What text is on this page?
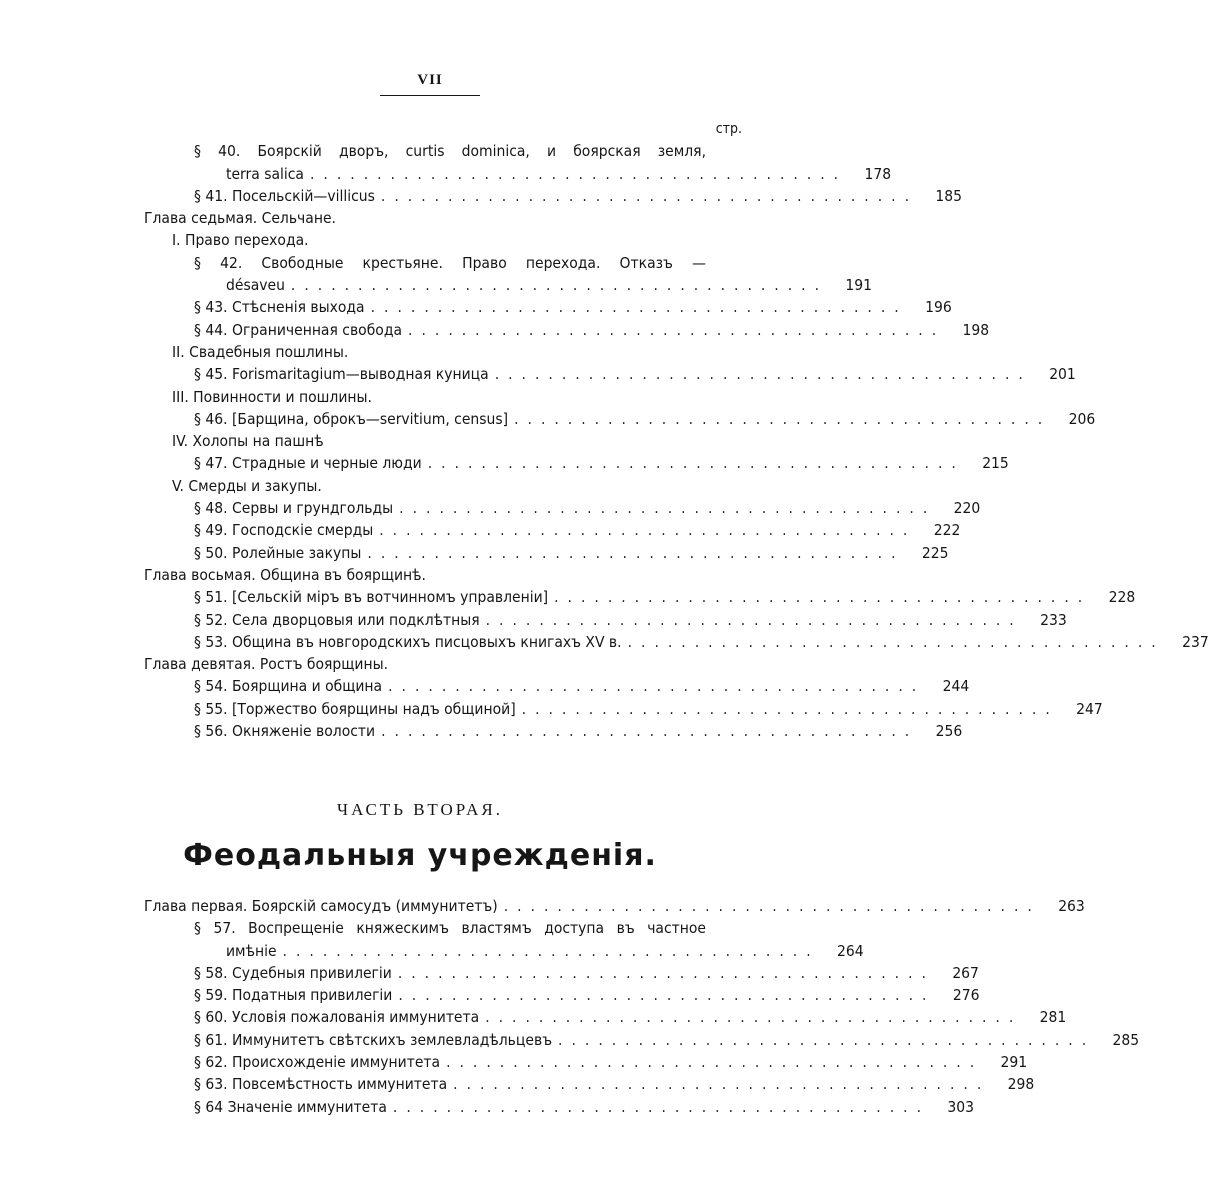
VII
стр.
§ 40. Боярскій дворъ, curtis dominica, и боярская земля,
terra salica ........................................	178
§ 41. Посельскій—villicus ........................................	185
Глава седьмая. Сельчане.
I. Право перехода.
§ 42. Свободные крестьяне. Право перехода. Отказъ —
désaveu ........................................	191
§ 43. Стѣсненія выхода ........................................	196
§ 44. Ограниченная свобода ........................................	198
II. Свадебныя пошлины.
§ 45. Forismaritagium—выводная куница ........................................	201
III. Повинности и пошлины.
§ 46. [Барщина, оброкъ—servitium, census] ........................................	206
IV. Холопы на пашнѣ
§ 47. Страдные и черные люди ........................................	215
V. Смерды и закупы.
§ 48. Сервы и грундгольды ........................................	220
§ 49. Господскіе смерды ........................................	222
§ 50. Ролейные закупы ........................................	225
Глава восьмая. Община въ боярщинѣ.
§ 51. [Сельскій міръ въ вотчинномъ управленіи] ........................................	228
§ 52. Села дворцовыя или подклѣтныя ........................................	233
§ 53. Община въ новгородскихъ писцовыхъ книгахъ XV в. ........................................	237
Глава девятая. Ростъ боярщины.
§ 54. Боярщина и община ........................................	244
§ 55. [Торжество боярщины надъ общиной] ........................................	247
§ 56. Окняженіе волости ........................................	256
ЧАСТЬ ВТОРАЯ.
Феодальныя учрежденія.
Глава первая. Боярскій самосудъ (иммунитетъ) ........................................	263
§ 57. Воспрещеніе княжескимъ властямъ доступа въ частное
имѣніе ........................................	264
§ 58. Судебныя привилегіи ........................................	267
§ 59. Податныя привилегіи ........................................	276
§ 60. Условія пожалованія иммунитета ........................................	281
§ 61. Иммунитетъ свѣтскихъ землевладѣльцевъ ........................................	285
§ 62. Происхожденіе иммунитета ........................................	291
§ 63. Повсемѣстность иммунитета ........................................	298
§ 64 Значеніе иммунитета ........................................	303
